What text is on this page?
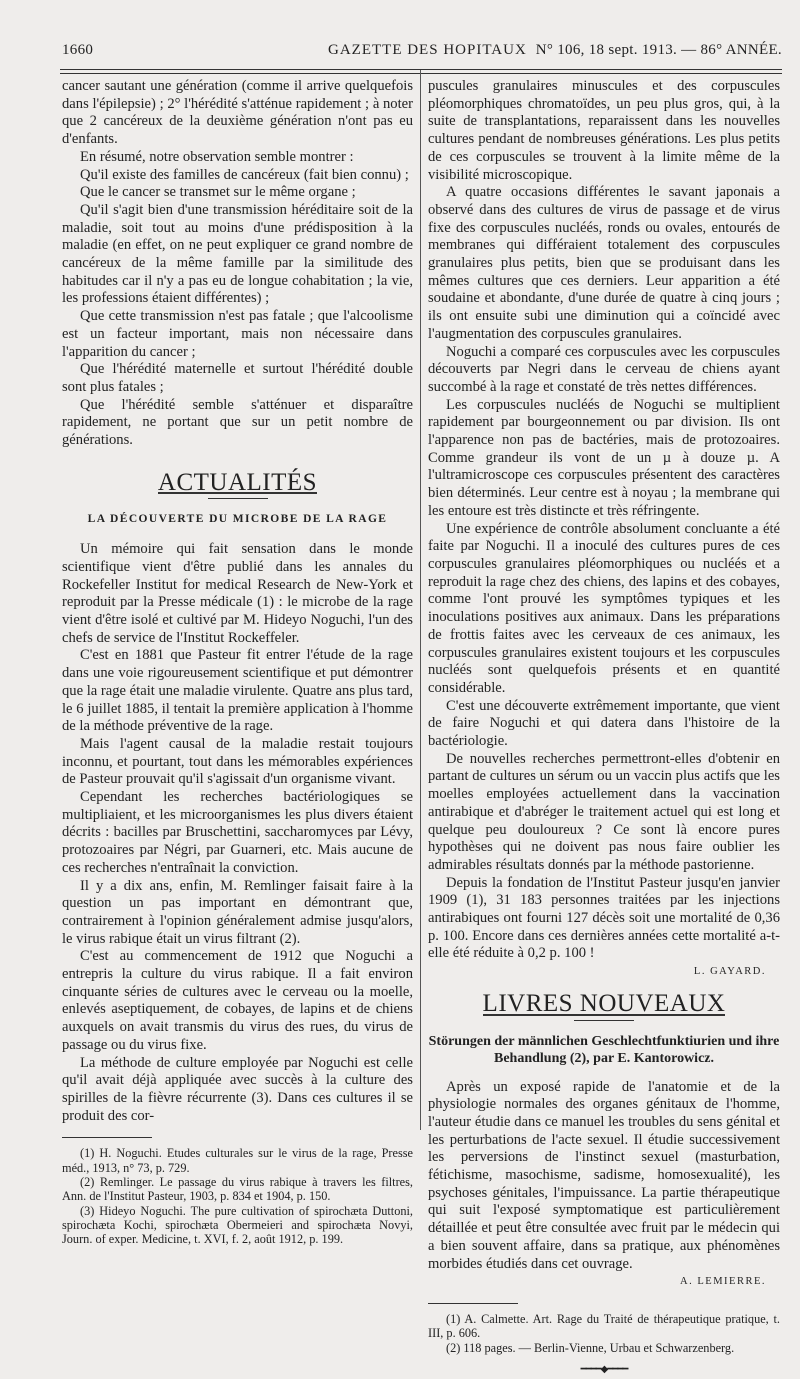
1660	GAZETTE DES HOPITAUX N° 106, 18 sept. 1913. — 86° ANNÉE.

cancer sautant une génération (comme il arrive quelquefois dans l'épilepsie) ; 2° l'hérédité s'atténue rapidement ; à noter que 2 cancéreux de la deuxième génération n'ont pas eu d'enfants.

En résumé, notre observation semble montrer :

Qu'il existe des familles de cancéreux (fait bien connu) ;

Que le cancer se transmet sur le même organe ;

Qu'il s'agit bien d'une transmission héréditaire soit de la maladie, soit tout au moins d'une prédisposition à la maladie (en effet, on ne peut expliquer ce grand nombre de cancéreux de la même famille par la similitude des habitudes car il n'y a pas eu de longue cohabitation ; la vie, les professions étaient différentes) ;

Que cette transmission n'est pas fatale ; que l'alcoolisme est un facteur important, mais non nécessaire dans l'apparition du cancer ;

Que l'hérédité maternelle et surtout l'hérédité double sont plus fatales ;

Que l'hérédité semble s'atténuer et disparaître rapidement, ne portant que sur un petit nombre de générations.

ACTUALITÉS
LA DÉCOUVERTE DU MICROBE DE LA RAGE

Un mémoire qui fait sensation dans le monde scientifique vient d'être publié dans les annales du Rockefeller Institut for medical Research de New-York et reproduit par la Presse médicale (1) : le microbe de la rage vient d'être isolé et cultivé par M. Hideyo Noguchi, l'un des chefs de service de l'Institut Rockeffeler.

C'est en 1881 que Pasteur fit entrer l'étude de la rage dans une voie rigoureusement scientifique et put démontrer que la rage était une maladie virulente. Quatre ans plus tard, le 6 juillet 1885, il tentait la première application à l'homme de la méthode préventive de la rage.

Mais l'agent causal de la maladie restait toujours inconnu, et pourtant, tout dans les mémorables expériences de Pasteur prouvait qu'il s'agissait d'un organisme vivant.

Cependant les recherches bactériologiques se multipliaient, et les microorganismes les plus divers étaient décrits : bacilles par Bruschettini, saccharomyces par Lévy, protozoaires par Négri, par Guarneri, etc. Mais aucune de ces recherches n'entraînait la conviction.

Il y a dix ans, enfin, M. Remlinger faisait faire à la question un pas important en démontrant que, contrairement à l'opinion généralement admise jusqu'alors, le virus rabique était un virus filtrant (2).

C'est au commencement de 1912 que Noguchi a entrepris la culture du virus rabique. Il a fait environ cinquante séries de cultures avec le cerveau ou la moelle, enlevés aseptiquement, de cobayes, de lapins et de chiens auxquels on avait transmis du virus des rues, du virus de passage ou du virus fixe.

La méthode de culture employée par Noguchi est celle qu'il avait déjà appliquée avec succès à la culture des spirilles de la fièvre récurrente (3). Dans ces cultures il se produit des cor-

(1) H. Noguchi. Etudes culturales sur le virus de la rage, Presse méd., 1913, n° 73, p. 729.

(2) Remlinger. Le passage du virus rabique à travers les filtres, Ann. de l'Institut Pasteur, 1903, p. 834 et 1904, p. 150.

(3) Hideyo Noguchi. The pure cultivation of spirochæta Duttoni, spirochæta Kochi, spirochæta Obermeieri and spirochæta Novyi, Journ. of exper. Medicine, t. XVI, f. 2, août 1912, p. 199.

puscules granulaires minuscules et des corpuscules pléomorphiques chromatoïdes, un peu plus gros, qui, à la suite de transplantations, reparaissent dans les nouvelles cultures pendant de nombreuses générations. Les plus petits de ces corpuscules se trouvent à la limite même de la visibilité microscopique.

A quatre occasions différentes le savant japonais a observé dans des cultures de virus de passage et de virus fixe des corpuscules nucléés, ronds ou ovales, entourés de membranes qui différaient totalement des corpuscules granulaires plus petits, bien que se produisant dans les mêmes cultures que ces derniers. Leur apparition a été soudaine et abondante, d'une durée de quatre à cinq jours ; ils ont ensuite subi une diminution qui a coïncidé avec l'augmentation des corpuscules granulaires.

Noguchi a comparé ces corpuscules avec les corpuscules découverts par Negri dans le cerveau de chiens ayant succombé à la rage et constaté de très nettes différences.

Les corpuscules nucléés de Noguchi se multiplient rapidement par bourgeonnement ou par division. Ils ont l'apparence non pas de bactéries, mais de protozoaires. Comme grandeur ils vont de un µ à douze µ. A l'ultramicroscope ces corpuscules présentent des caractères bien déterminés. Leur centre est à noyau ; la membrane qui les entoure est très distincte et très réfringente.

Une expérience de contrôle absolument concluante a été faite par Noguchi. Il a inoculé des cultures pures de ces corpuscules granulaires pléomorphiques ou nucléés et a reproduit la rage chez des chiens, des lapins et des cobayes, comme l'ont prouvé les symptômes typiques et les inoculations positives aux animaux. Dans les préparations de frottis faites avec les cerveaux de ces animaux, les corpuscules granulaires existent toujours et les corpuscules nucléés sont quelquefois présents et en quantité considérable.

C'est une découverte extrêmement importante, que vient de faire Noguchi et qui datera dans l'histoire de la bactériologie.

De nouvelles recherches permettront-elles d'obtenir en partant de cultures un sérum ou un vaccin plus actifs que les moelles employées actuellement dans la vaccination antirabique et d'abréger le traitement actuel qui est long et quelque peu douloureux ? Ce sont là encore pures hypothèses qui ne doivent pas nous faire oublier les admirables résultats donnés par la méthode pastorienne.

Depuis la fondation de l'Institut Pasteur jusqu'en janvier 1909 (1), 31 183 personnes traitées par les injections antirabiques ont fourni 127 décès soit une mortalité de 0,36 p. 100. Encore dans ces dernières années cette mortalité a-t-elle été réduite à 0,2 p. 100 !

L. GAYARD.
LIVRES NOUVEAUX
Störungen der männlichen Geschlechtfunktiurien und ihre Behandlung (2), par E. Kantorowicz.

Après un exposé rapide de l'anatomie et de la physiologie normales des organes génitaux de l'homme, l'auteur étudie dans ce manuel les troubles du sens génital et les perturbations de l'acte sexuel. Il étudie successivement les perversions de l'instinct sexuel (masturbation, fétichisme, masochisme, sadisme, homosexualité), les psychoses génitales, l'impuissance. La partie thérapeutique qui suit l'exposé symptomatique est particulièrement détaillée et peut être consultée avec fruit par le médecin qui a bien souvent affaire, dans sa pratique, aux phénomènes morbides étudiés dans cet ouvrage.

A. LEMIERRE.

(1) A. Calmette. Art. Rage du Traité de thérapeutique pratique, t. III, p. 606.

(2) 118 pages. — Berlin-Vienne, Urbau et Schwarzenberg.

━━━━◆━━━━
